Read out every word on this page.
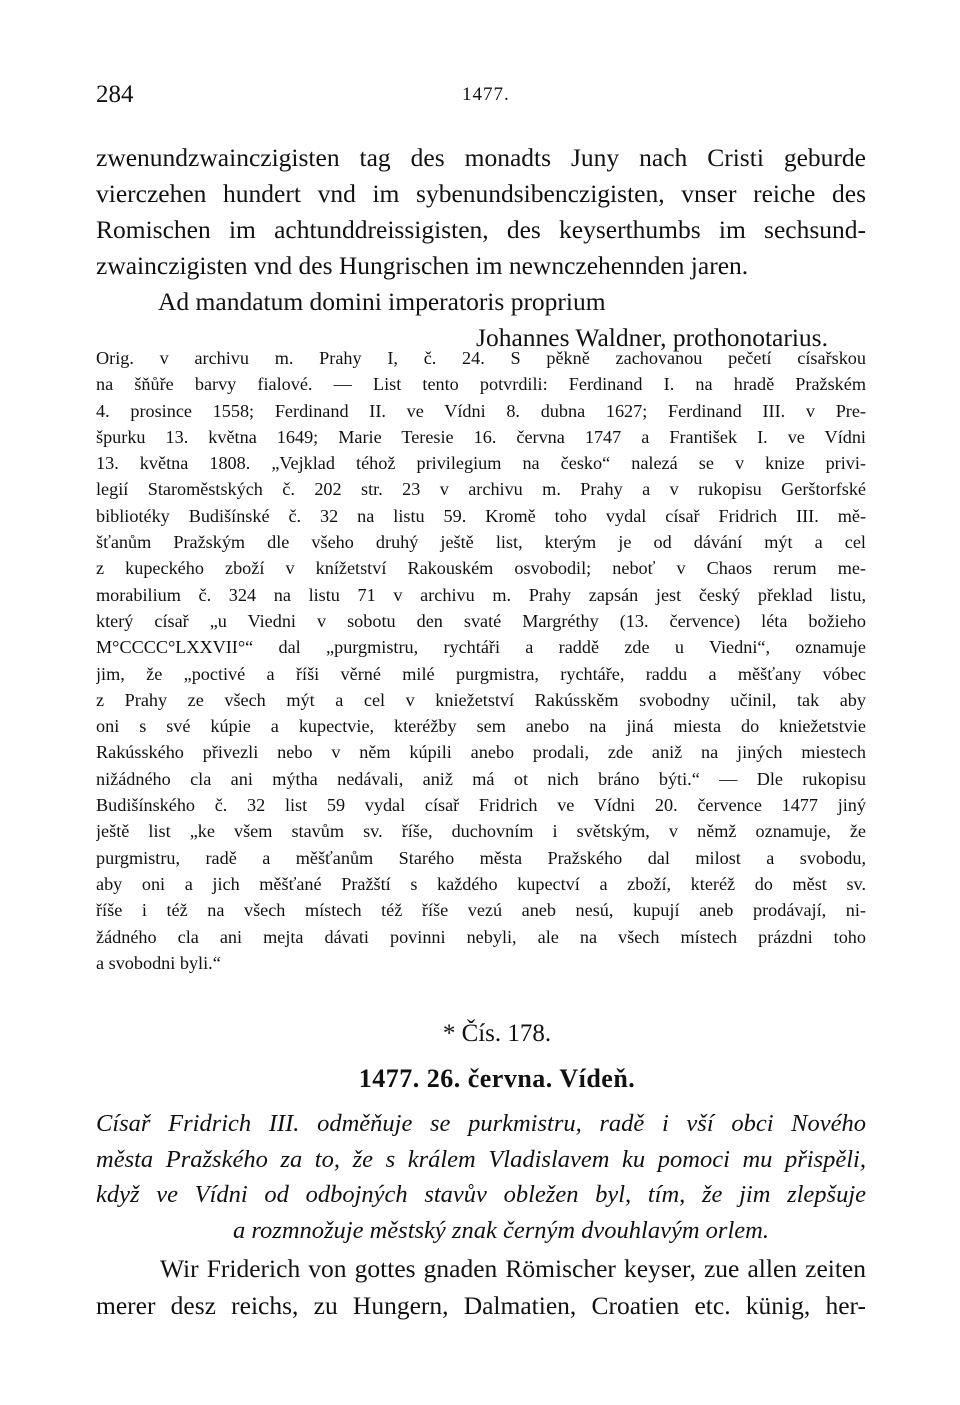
284	1477.
zwenundzwainczigisten tag des monadts Juny nach Cristi geburde
vierczehen hundert vnd im sybenundsibenczigisten, vnser reiche des
Romischen im achtunddreissigisten, des keyserthumbs im sechsund-
zwainczigisten vnd des Hungrischen im newnczehennden jaren.
Ad mandatum domini imperatoris proprium
Johannes Waldner, prothonotarius.
Orig. v archivu m. Prahy I, č. 24. S pěkně zachovanou pečetí císařskou
na šňůře barvy fialové. — List tento potvrdili: Ferdinand I. na hradě Pražském
4. prosince 1558; Ferdinand II. ve Vídni 8. dubna 1627; Ferdinand III. v Pre-
špurku 13. května 1649; Marie Teresie 16. června 1747 a František I. ve Vídni
13. května 1808. „Vejklad téhož privilegium na česko“ nalezá se v knize privi-
legií Staroměstských č. 202 str. 23 v archivu m. Prahy a v rukopisu Gerštorfské
bibliotéky Budišínské č. 32 na listu 59. Kromě toho vydal císař Fridrich III. mě-
šťanům Pražským dle všeho druhý ještě list, kterým je od dávání mýt a cel
z kupeckého zboží v knížetství Rakouském osvobodil; neboť v Chaos rerum me-
morabilium č. 324 na listu 71 v archivu m. Prahy zapsán jest český překlad listu,
který císař „u Viedni v sobotu den svaté Margréthy (13. července) léta božieho
M°CCCC°LXXVII°“ dal „purgmistru, rychtáři a raddě zde u Viedni“, oznamuje
jim, že „poctivé a říši věrné milé purgmistra, rychtáře, raddu a měšťany vóbec
z Prahy ze všech mýt a cel v kniežetství Rakússkěm svobodny učinil, tak aby
oni s své kúpie a kupectvie, kteréžby sem anebo na jiná miesta do kniežetstvie
Rakúsského přivezli nebo v něm kúpili anebo prodali, zde aniž na jiných miestech
nižádného cla ani mýtha nedávali, aniž má ot nich bráno býti.“ — Dle rukopisu
Budišínského č. 32 list 59 vydal císař Fridrich ve Vídni 20. července 1477 jiný
ještě list „ke všem stavům sv. říše, duchovním i světským, v němž oznamuje, že
purgmistru, radě a měšťanům Starého města Pražského dal milost a svobodu,
aby oni a jich měšťané Pražští s každého kupectví a zboží, kteréž do měst sv.
říše i též na všech místech též říše vezú aneb nesú, kupují aneb prodávají, ni-
žádného cla ani mejta dávati povinni nebyli, ale na všech místech prázdni toho
a svobodni byli.“
* Čís. 178.
1477. 26. června. Vídeň.
Císař Fridrich III. odměňuje se purkmistru, radě i vší obci Nového
města Pražského za to, že s králem Vladislavem ku pomoci mu přispěli,
když ve Vídni od odbojných stavův obležen byl, tím, že jim zlepšuje
a rozmnožuje městský znak černým dvouhlavým orlem.
Wir Friderich von gottes gnaden Römischer keyser, zue allen zeiten
merer desz reichs, zu Hungern, Dalmatien, Croatien etc. künig, her-
